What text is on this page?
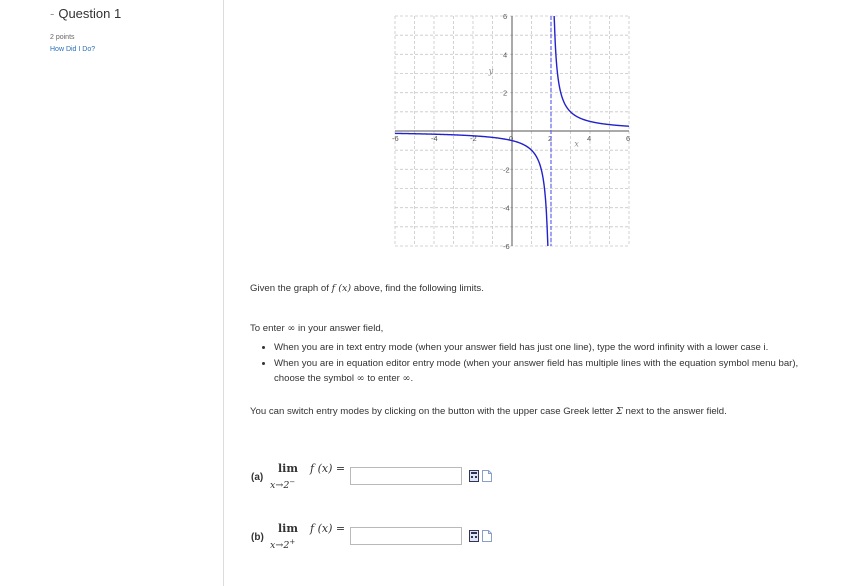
- Question 1
2 points
How Did I Do?
-6	-4	-2	0	2	4	6
6
4
2
-2
-4
-6
x
y
Given the graph of f (x) above, find the following limits.
To enter ∞ in your answer field,
• When you are in text entry mode (when your answer field has just one line), type the word infinity with a lower case i.
• When you are in equation editor entry mode (when your answer field has multiple lines with the equation symbol menu bar), choose the symbol ∞ to enter ∞.
You can switch entry modes by clicking on the button with the upper case Greek letter Σ next to the answer field.
(a)
lim
x→2−
f (x) =
(b)
lim
x→2+
f (x) =
